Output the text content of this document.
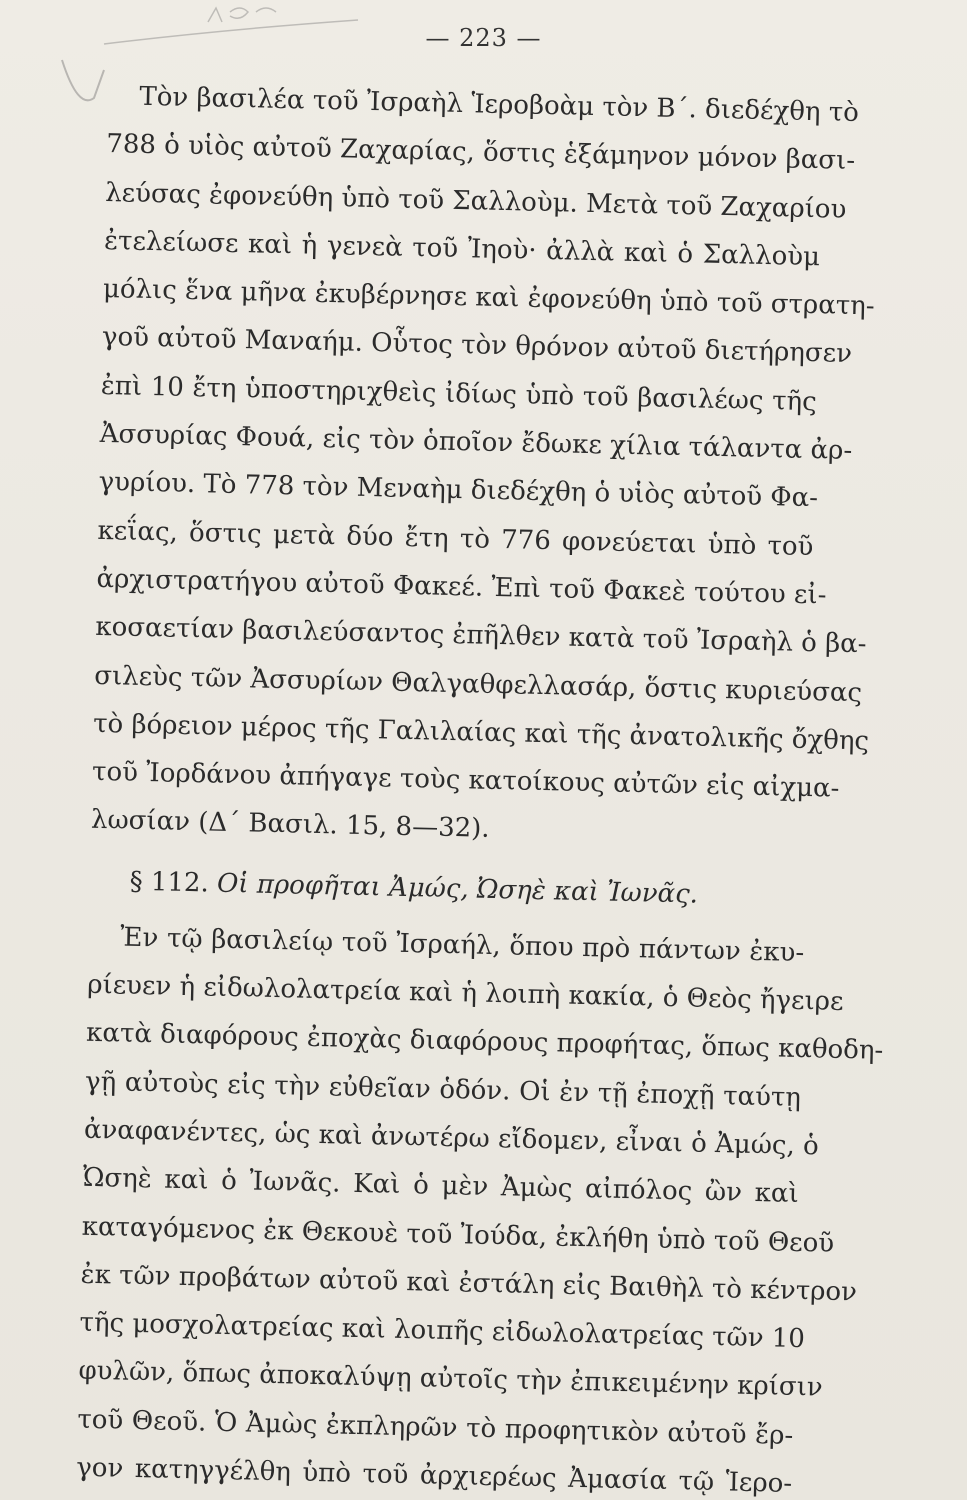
— 223 —
Τὸν βασιλέα τοῦ Ἰσραὴλ Ἱεροβοὰμ τὸν Β΄. διεδέχθη τὸ
788 ὁ υἱὸς αὐτοῦ Ζαχαρίας, ὅστις ἑξάμηνον μόνον βασι-
λεύσας ἐφονεύθη ὑπὸ τοῦ Σαλλοὺμ. Μετὰ τοῦ Ζαχαρίου
ἐτελείωσε καὶ ἡ γενεὰ τοῦ Ἰηοὺ· ἀλλὰ καὶ ὁ Σαλλοὺμ
μόλις ἕνα μῆνα ἐκυβέρνησε καὶ ἐφονεύθη ὑπὸ τοῦ στρατη-
γοῦ αὐτοῦ Μαναήμ. Οὗτος τὸν θρόνον αὐτοῦ διετήρησεν
ἐπὶ 10 ἔτη ὑποστηριχθεὶς ἰδίως ὑπὸ τοῦ βασιλέως τῆς
Ἀσσυρίας Φουά, εἰς τὸν ὁποῖον ἔδωκε χίλια τάλαντα ἀρ-
γυρίου. Τὸ 778 τὸν Μεναὴμ διεδέχθη ὁ υἱὸς αὐτοῦ Φα-
κεΐας, ὅστις μετὰ δύο ἔτη τὸ 776 φονεύεται ὑπὸ τοῦ
ἀρχιστρατήγου αὐτοῦ Φακεέ. Ἐπὶ τοῦ Φακεὲ τούτου εἰ-
κοσαετίαν βασιλεύσαντος ἐπῆλθεν κατὰ τοῦ Ἰσραὴλ ὁ βα-
σιλεὺς τῶν Ἀσσυρίων Θαλγαθφελλασάρ, ὅστις κυριεύσας
τὸ βόρειον μέρος τῆς Γαλιλαίας καὶ τῆς ἀνατολικῆς ὄχθης
τοῦ Ἰορδάνου ἀπήγαγε τοὺς κατοίκους αὐτῶν εἰς αἰχμα-
λωσίαν (Δ΄ Βασιλ. 15, 8—32).
§ 112. Οἱ προφῆται Ἀμώς, Ὠσηὲ καὶ Ἰωνᾶς.
Ἐν τῷ βασιλείῳ τοῦ Ἰσραήλ, ὅπου πρὸ πάντων ἐκυ-
ρίευεν ἡ εἰδωλολατρεία καὶ ἡ λοιπὴ κακία, ὁ Θεὸς ἤγειρε
κατὰ διαφόρους ἐποχὰς διαφόρους προφήτας, ὅπως καθοδη-
γῇ αὐτοὺς εἰς τὴν εὐθεῖαν ὁδόν. Οἱ ἐν τῇ ἐποχῇ ταύτῃ
ἀναφανέντες, ὡς καὶ ἀνωτέρω εἴδομεν, εἶναι ὁ Ἀμώς, ὁ
Ὠσηὲ καὶ ὁ Ἰωνᾶς. Καὶ ὁ μὲν Ἀμὼς αἰπόλος ὢν καὶ
καταγόμενος ἐκ Θεκουὲ τοῦ Ἰούδα, ἐκλήθη ὑπὸ τοῦ Θεοῦ
ἐκ τῶν προβάτων αὐτοῦ καὶ ἐστάλη εἰς Βαιθὴλ τὸ κέντρον
τῆς μοσχολατρείας καὶ λοιπῆς εἰδωλολατρείας τῶν 10
φυλῶν, ὅπως ἀποκαλύψῃ αὐτοῖς τὴν ἐπικειμένην κρίσιν
τοῦ Θεοῦ. Ὁ Ἀμὼς ἐκπληρῶν τὸ προφητικὸν αὐτοῦ ἔρ-
γον κατηγγέλθη ὑπὸ τοῦ ἀρχιερέως Ἀμασία τῷ Ἱερο-
